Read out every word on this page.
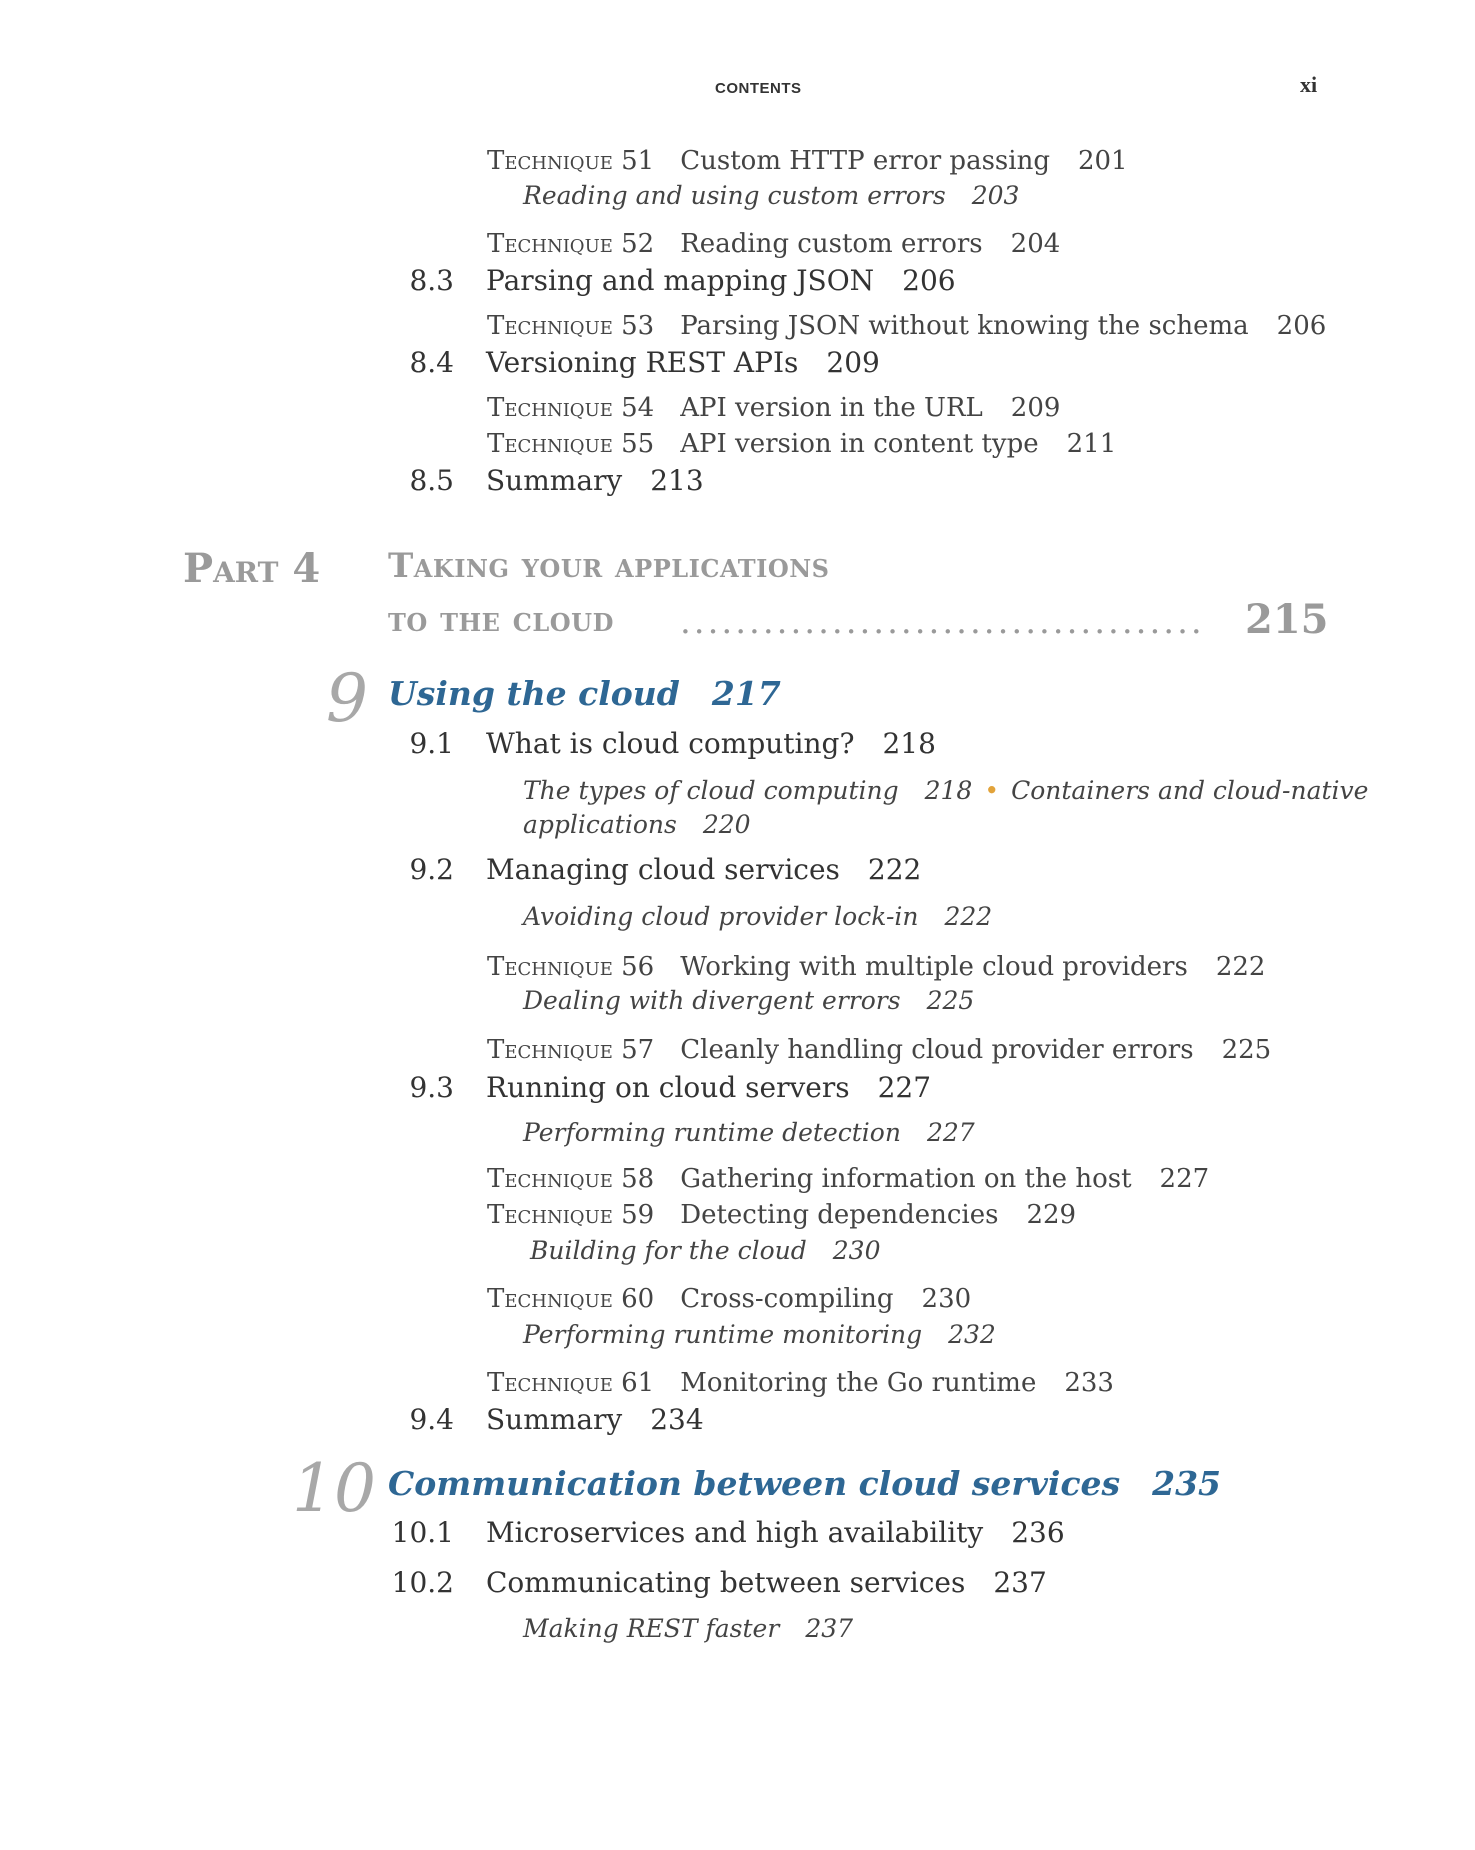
CONTENTS	xi
Technique 51 Custom HTTP error passing 201
Reading and using custom errors 203
Technique 52 Reading custom errors 204
8.3 Parsing and mapping JSON 206
Technique 53 Parsing JSON without knowing the schema 206
8.4 Versioning REST APIs 209
Technique 54 API version in the URL 209
Technique 55 API version in content type 211
8.5 Summary 213
Part 4 Taking your applications
to the cloud ......................................	215
9 Using the cloud 217
9.1 What is cloud computing? 218
The types of cloud computing 218 • Containers and cloud-native
applications 220
9.2 Managing cloud services 222
Avoiding cloud provider lock-in 222
Technique 56 Working with multiple cloud providers 222
Dealing with divergent errors 225
Technique 57 Cleanly handling cloud provider errors 225
9.3 Running on cloud servers 227
Performing runtime detection 227
Technique 58 Gathering information on the host 227
Technique 59 Detecting dependencies 229
Building for the cloud 230
Technique 60 Cross-compiling 230
Performing runtime monitoring 232
Technique 61 Monitoring the Go runtime 233
9.4 Summary 234
10 Communication between cloud services 235
10.1 Microservices and high availability 236
10.2 Communicating between services 237
Making REST faster 237
